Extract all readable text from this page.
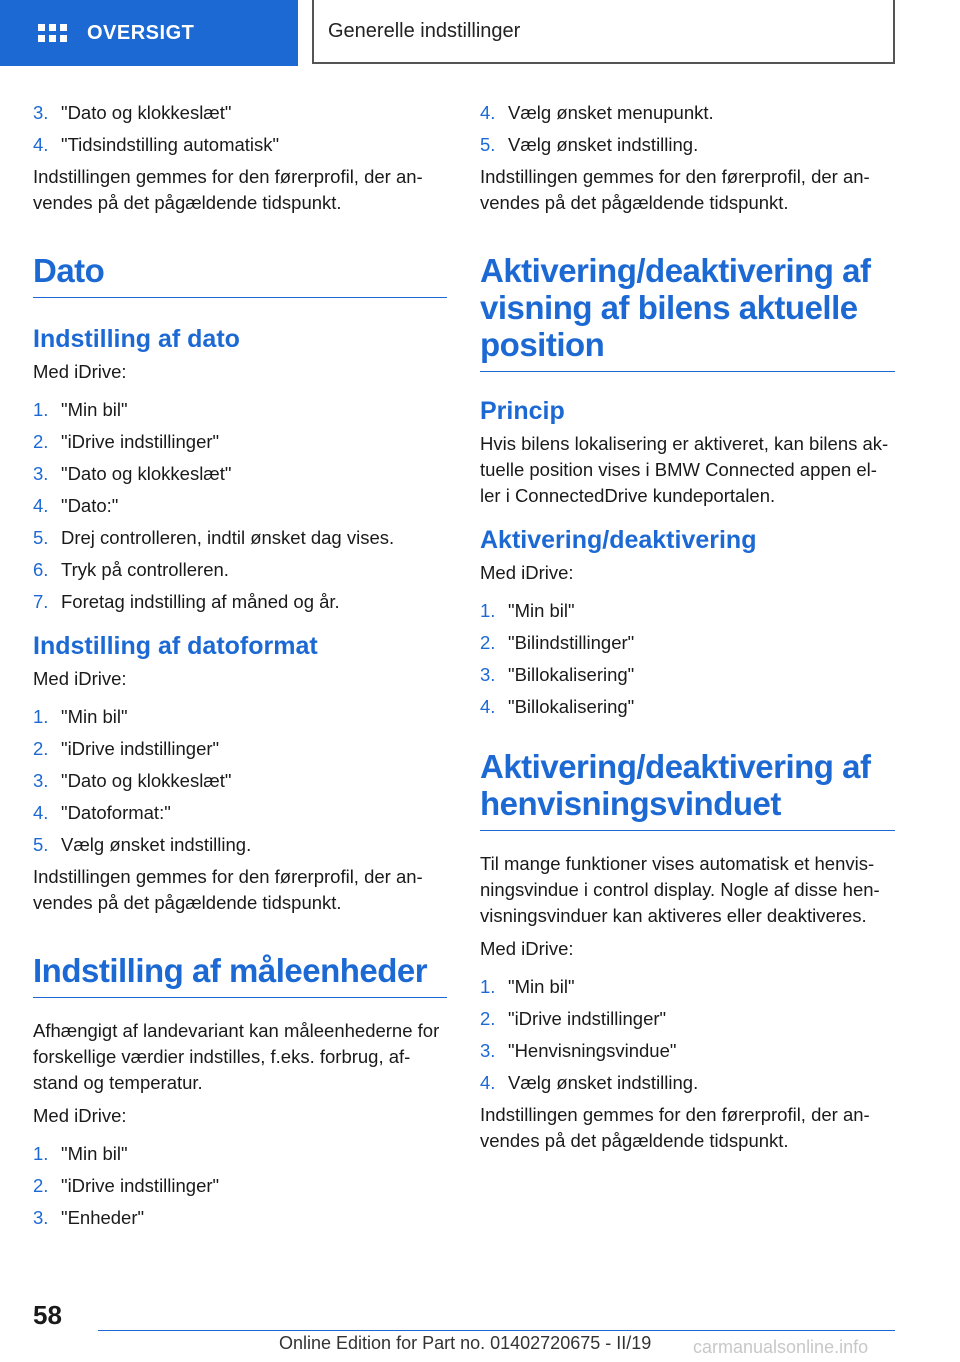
OVERSIGT	Generelle indstillinger
3. "Dato og klokkeslæt"
4. "Tidsindstilling automatisk"

Indstillingen gemmes for den førerprofil, der an-vendes på det pågældende tidspunkt.

Dato
Indstilling af dato

Med iDrive:

1. "Min bil"
2. "iDrive indstillinger"
3. "Dato og klokkeslæt"
4. "Dato:"
5. Drej controlleren, indtil ønsket dag vises.
6. Tryk på controlleren.
7. Foretag indstilling af måned og år.
Indstilling af datoformat

Med iDrive:

1. "Min bil"
2. "iDrive indstillinger"
3. "Dato og klokkeslæt"
4. "Datoformat:"
5. Vælg ønsket indstilling.

Indstillingen gemmes for den førerprofil, der an-vendes på det pågældende tidspunkt.

Indstilling af måleenheder

Afhængigt af landevariant kan måleenhederne for forskellige værdier indstilles, f.eks. forbrug, af-stand og temperatur.

Med iDrive:

1. "Min bil"
2. "iDrive indstillinger"
3. "Enheder"
4. Vælg ønsket menupunkt.
5. Vælg ønsket indstilling.

Indstillingen gemmes for den førerprofil, der an-vendes på det pågældende tidspunkt.

Aktivering/deaktivering af visning af bilens aktuelle position
Princip

Hvis bilens lokalisering er aktiveret, kan bilens ak-tuelle position vises i BMW Connected appen el-ler i ConnectedDrive kundeportalen.

Aktivering/deaktivering

Med iDrive:

1. "Min bil"
2. "Bilindstillinger"
3. "Billokalisering"
4. "Billokalisering"
Aktivering/deaktivering af henvisningsvinduet

Til mange funktioner vises automatisk et henvis-ningsvindue i control display. Nogle af disse hen-visningsvinduer kan aktiveres eller deaktiveres.

Med iDrive:

1. "Min bil"
2. "iDrive indstillinger"
3. "Henvisningsvindue"
4. Vælg ønsket indstilling.

Indstillingen gemmes for den førerprofil, der an-vendes på det pågældende tidspunkt.

58
Online Edition for Part no. 01402720675 - II/19 carmanualsonline.info
